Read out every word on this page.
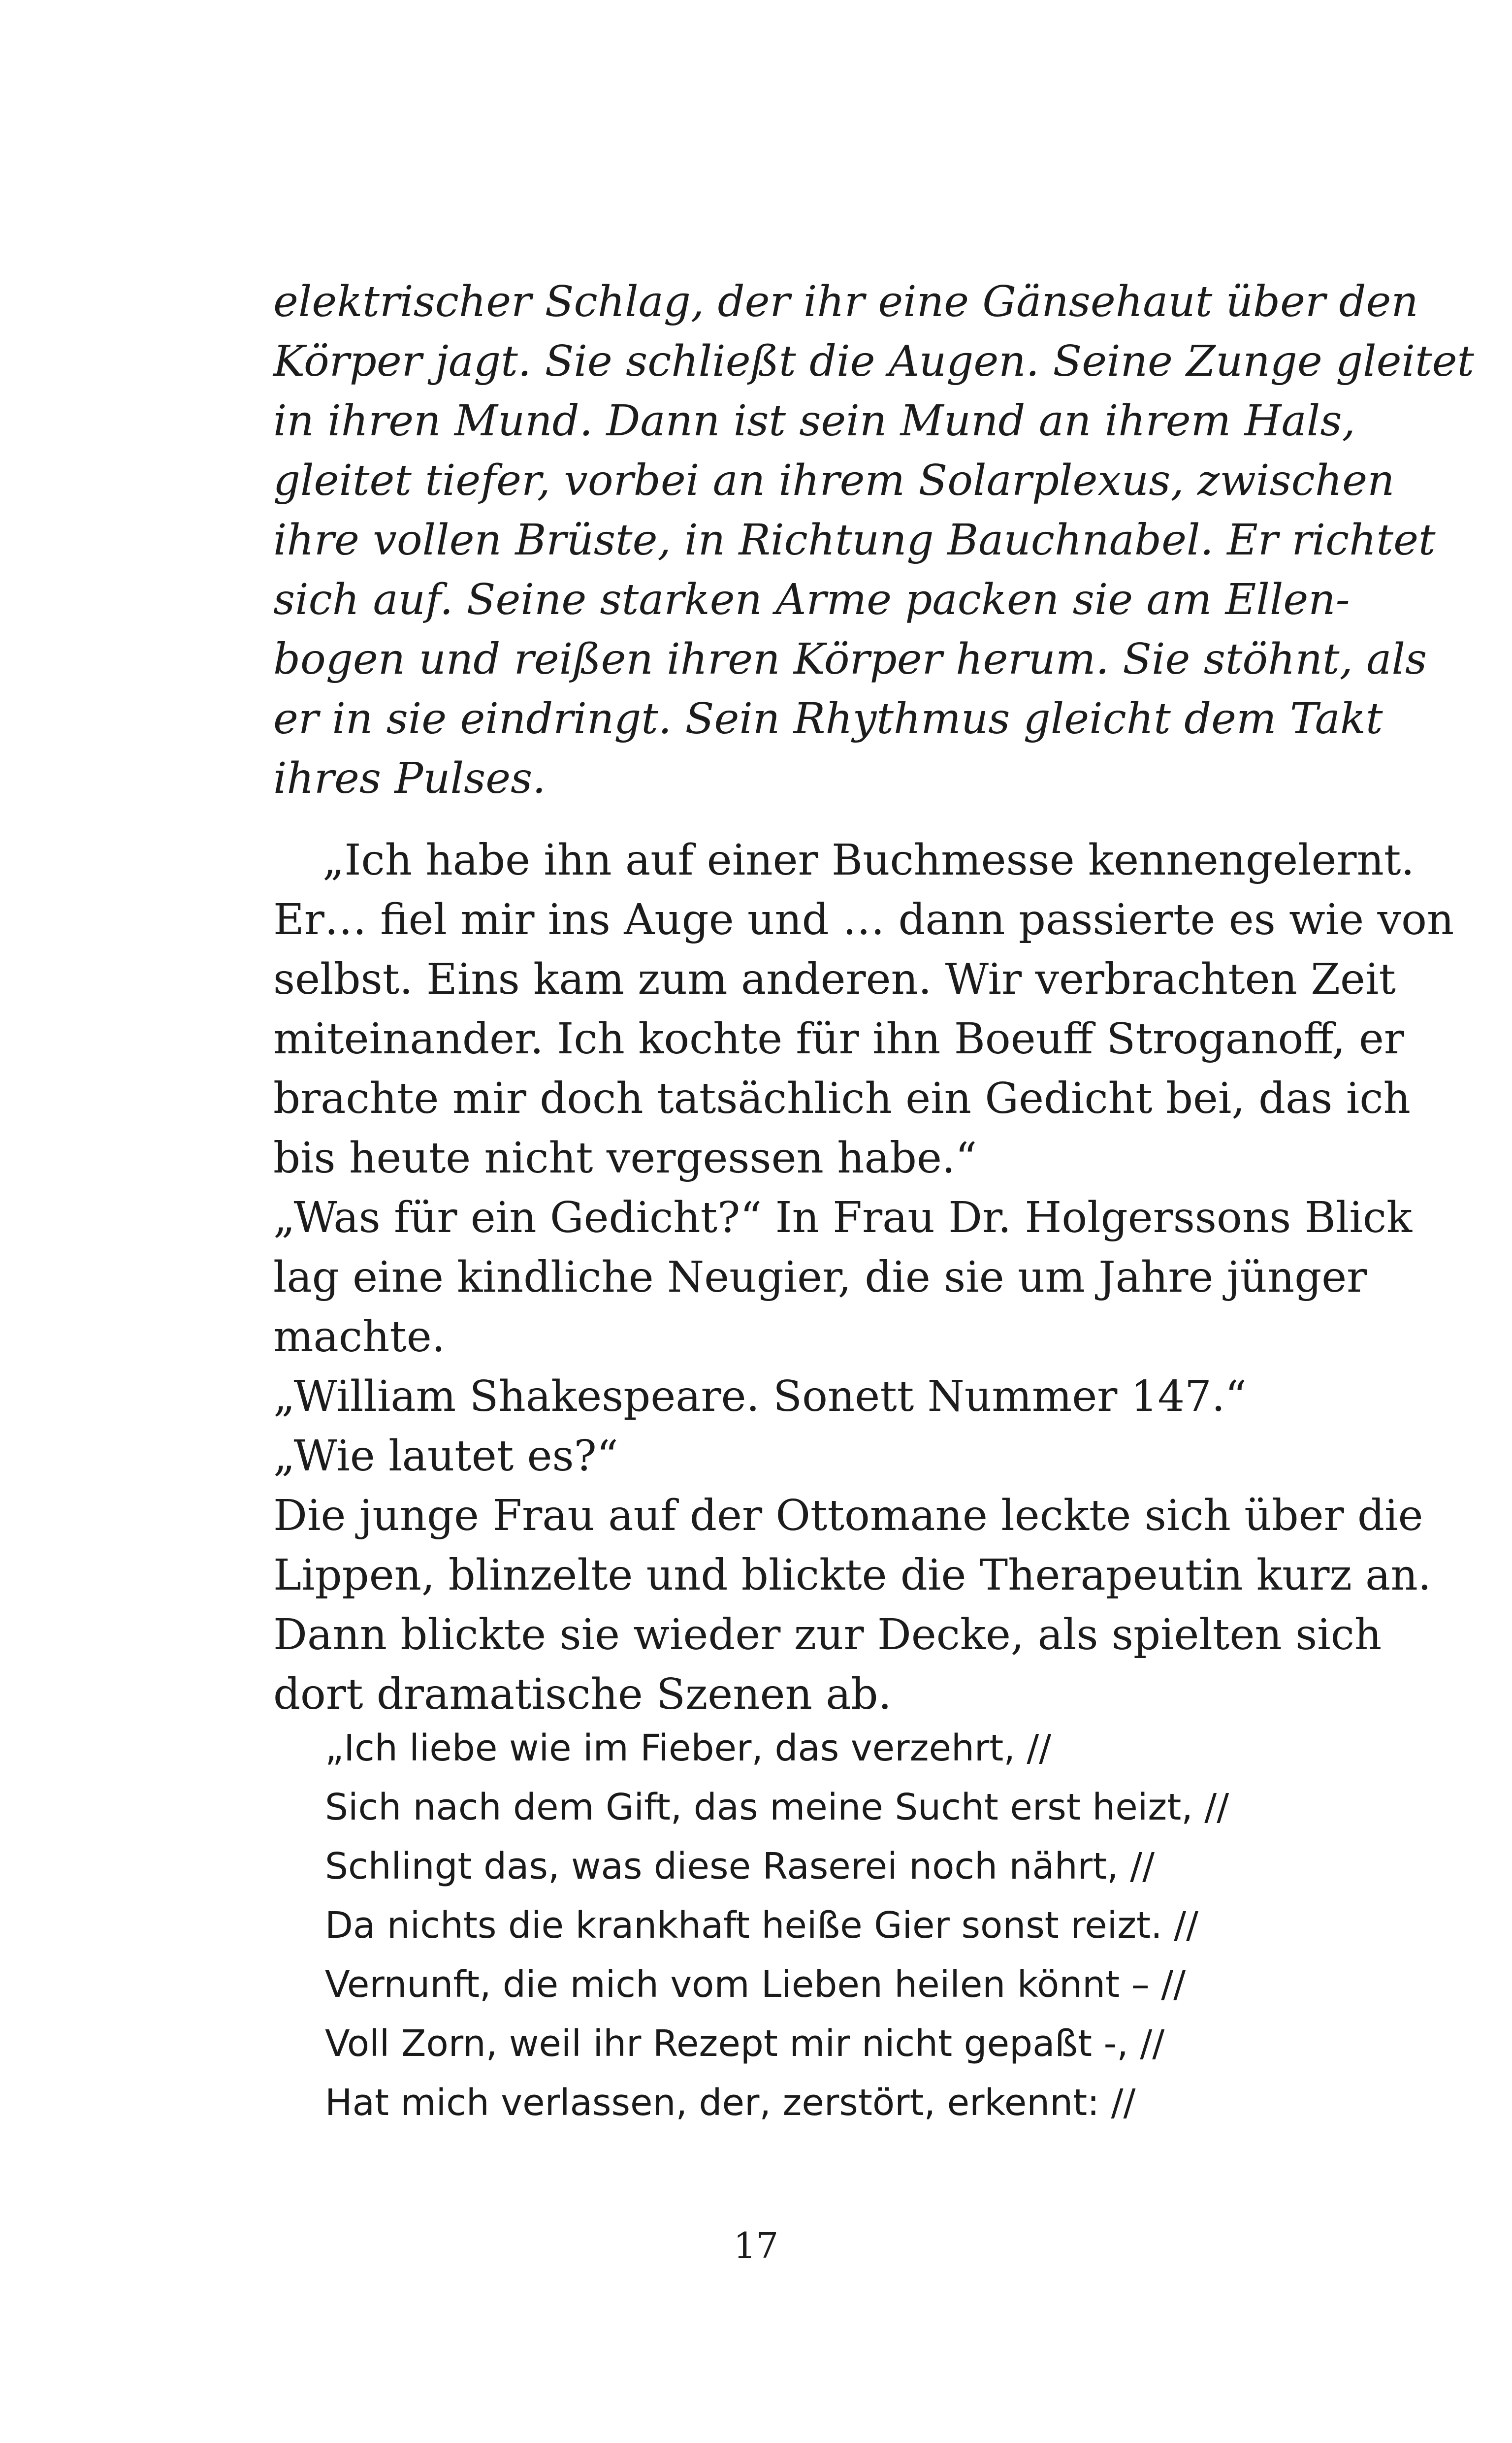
elektrischer Schlag, der ihr eine Gänsehaut über den
Körper jagt. Sie schließt die Augen. Seine Zunge gleitet
in ihren Mund. Dann ist sein Mund an ihrem Hals,
gleitet tiefer, vorbei an ihrem Solarplexus, zwischen
ihre vollen Brüste, in Richtung Bauchnabel. Er richtet
sich auf. Seine starken Arme packen sie am Ellen-
bogen und reißen ihren Körper herum. Sie stöhnt, als
er in sie eindringt. Sein Rhythmus gleicht dem Takt
ihres Pulses.
„Ich habe ihn auf einer Buchmesse kennengelernt.
Er… fiel mir ins Auge und … dann passierte es wie von
selbst. Eins kam zum anderen. Wir verbrachten Zeit
miteinander. Ich kochte für ihn Boeuff Stroganoff, er
brachte mir doch tatsächlich ein Gedicht bei, das ich
bis heute nicht vergessen habe.“
„Was für ein Gedicht?“ In Frau Dr. Holgerssons Blick
lag eine kindliche Neugier, die sie um Jahre jünger
machte.
„William Shakespeare. Sonett Nummer 147.“
„Wie lautet es?“
Die junge Frau auf der Ottomane leckte sich über die
Lippen, blinzelte und blickte die Therapeutin kurz an.
Dann blickte sie wieder zur Decke, als spielten sich
dort dramatische Szenen ab.
„Ich liebe wie im Fieber, das verzehrt, //
Sich nach dem Gift, das meine Sucht erst heizt, //
Schlingt das, was diese Raserei noch nährt, //
Da nichts die krankhaft heiße Gier sonst reizt. //
Vernunft, die mich vom Lieben heilen könnt – //
Voll Zorn, weil ihr Rezept mir nicht gepaßt -, //
Hat mich verlassen, der, zerstört, erkennt: //
17
